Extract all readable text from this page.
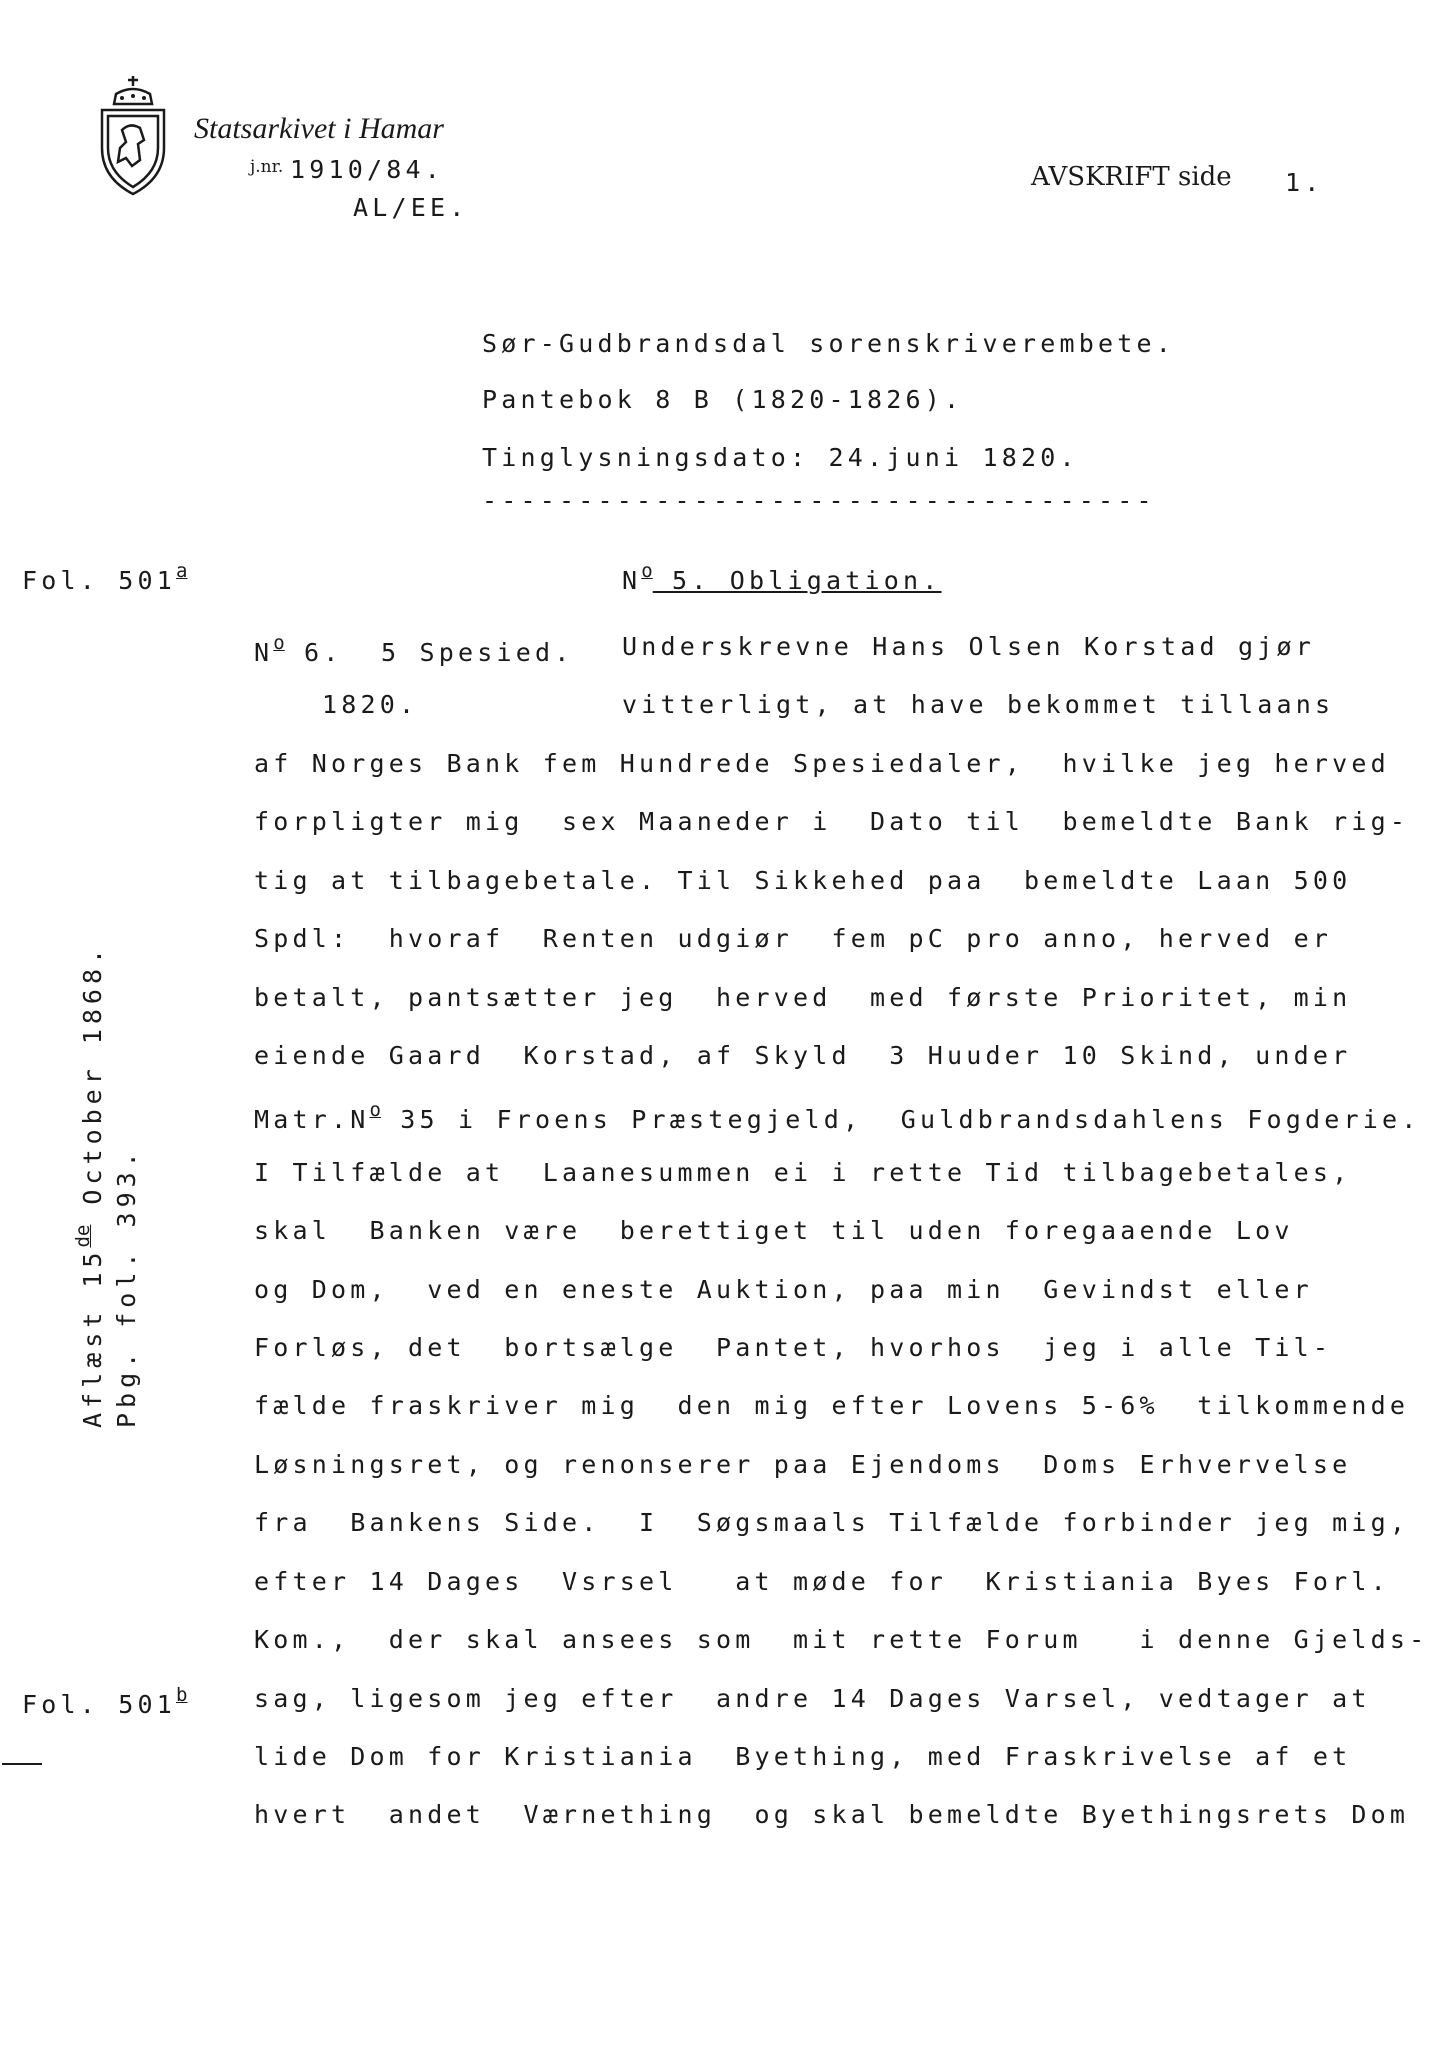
Statsarkivet i Hamar
j.nr. 1910/84.
AL/EE.
AVSKRIFT side 1.
Sør-Gudbrandsdal sorenskriverembete.
Pantebok 8 B (1820-1826).
Tinglysningsdato: 24.juni 1820.
-----------------------------------
Fol. 501$^a$	$N^o$ 5. Obligation.
$N^o$ 6.  5 Spesied. Underskrevne Hans Olsen Korstad gjør
1820.	vitterligt, at have bekommet tillaans
af Norges Bank fem Hundrede Spesiedaler,  hvilke jeg herved
forpligter mig  sex Maaneder i  Dato til  bemeldte Bank rig-
tig at tilbagebetale. Til Sikkehed paa  bemeldte Laan 500
Spdl:  hvoraf  Renten udgiør  fem pC pro anno, herved er
betalt, pantsætter jeg  herved  med første Prioritet, min
eiende Gaard  Korstad, af Skyld  3 Huuder 10 Skind, under
$Matr.N^o$ 35 i Froens Præstegjeld,  Guldbrandsdahlens Fogderie.
I Tilfælde at  Laanesummen ei i rette Tid tilbagebetales,
skal  Banken være  berettiget til uden foregaaende Lov
og Dom,  ved en eneste Auktion, paa min  Gevindst eller
Forløs, det  bortsælge  Pantet, hvorhos  jeg i alle Til-
fælde fraskriver mig  den mig efter Lovens 5-6%  tilkommende
Løsningsret, og renonserer paa Ejendoms  Doms Erhvervelse
fra  Bankens Side.  I  Søgsmaals Tilfælde forbinder jeg mig,
efter 14 Dages  Vsrsel   at møde for  Kristiania Byes Forl.
Kom.,  der skal ansees som  mit rette Forum   i denne Gjelds-
sag, ligesom jeg efter  andre 14 Dages Varsel, vedtager at
lide Dom for Kristiania  Byething, med Fraskrivelse af et
hvert  andet  Værnething  og skal bemeldte Byethingsrets Dom
Fol. 501$^b$
Aflæst 15de October 1868.
Pbg. fol. 393.
